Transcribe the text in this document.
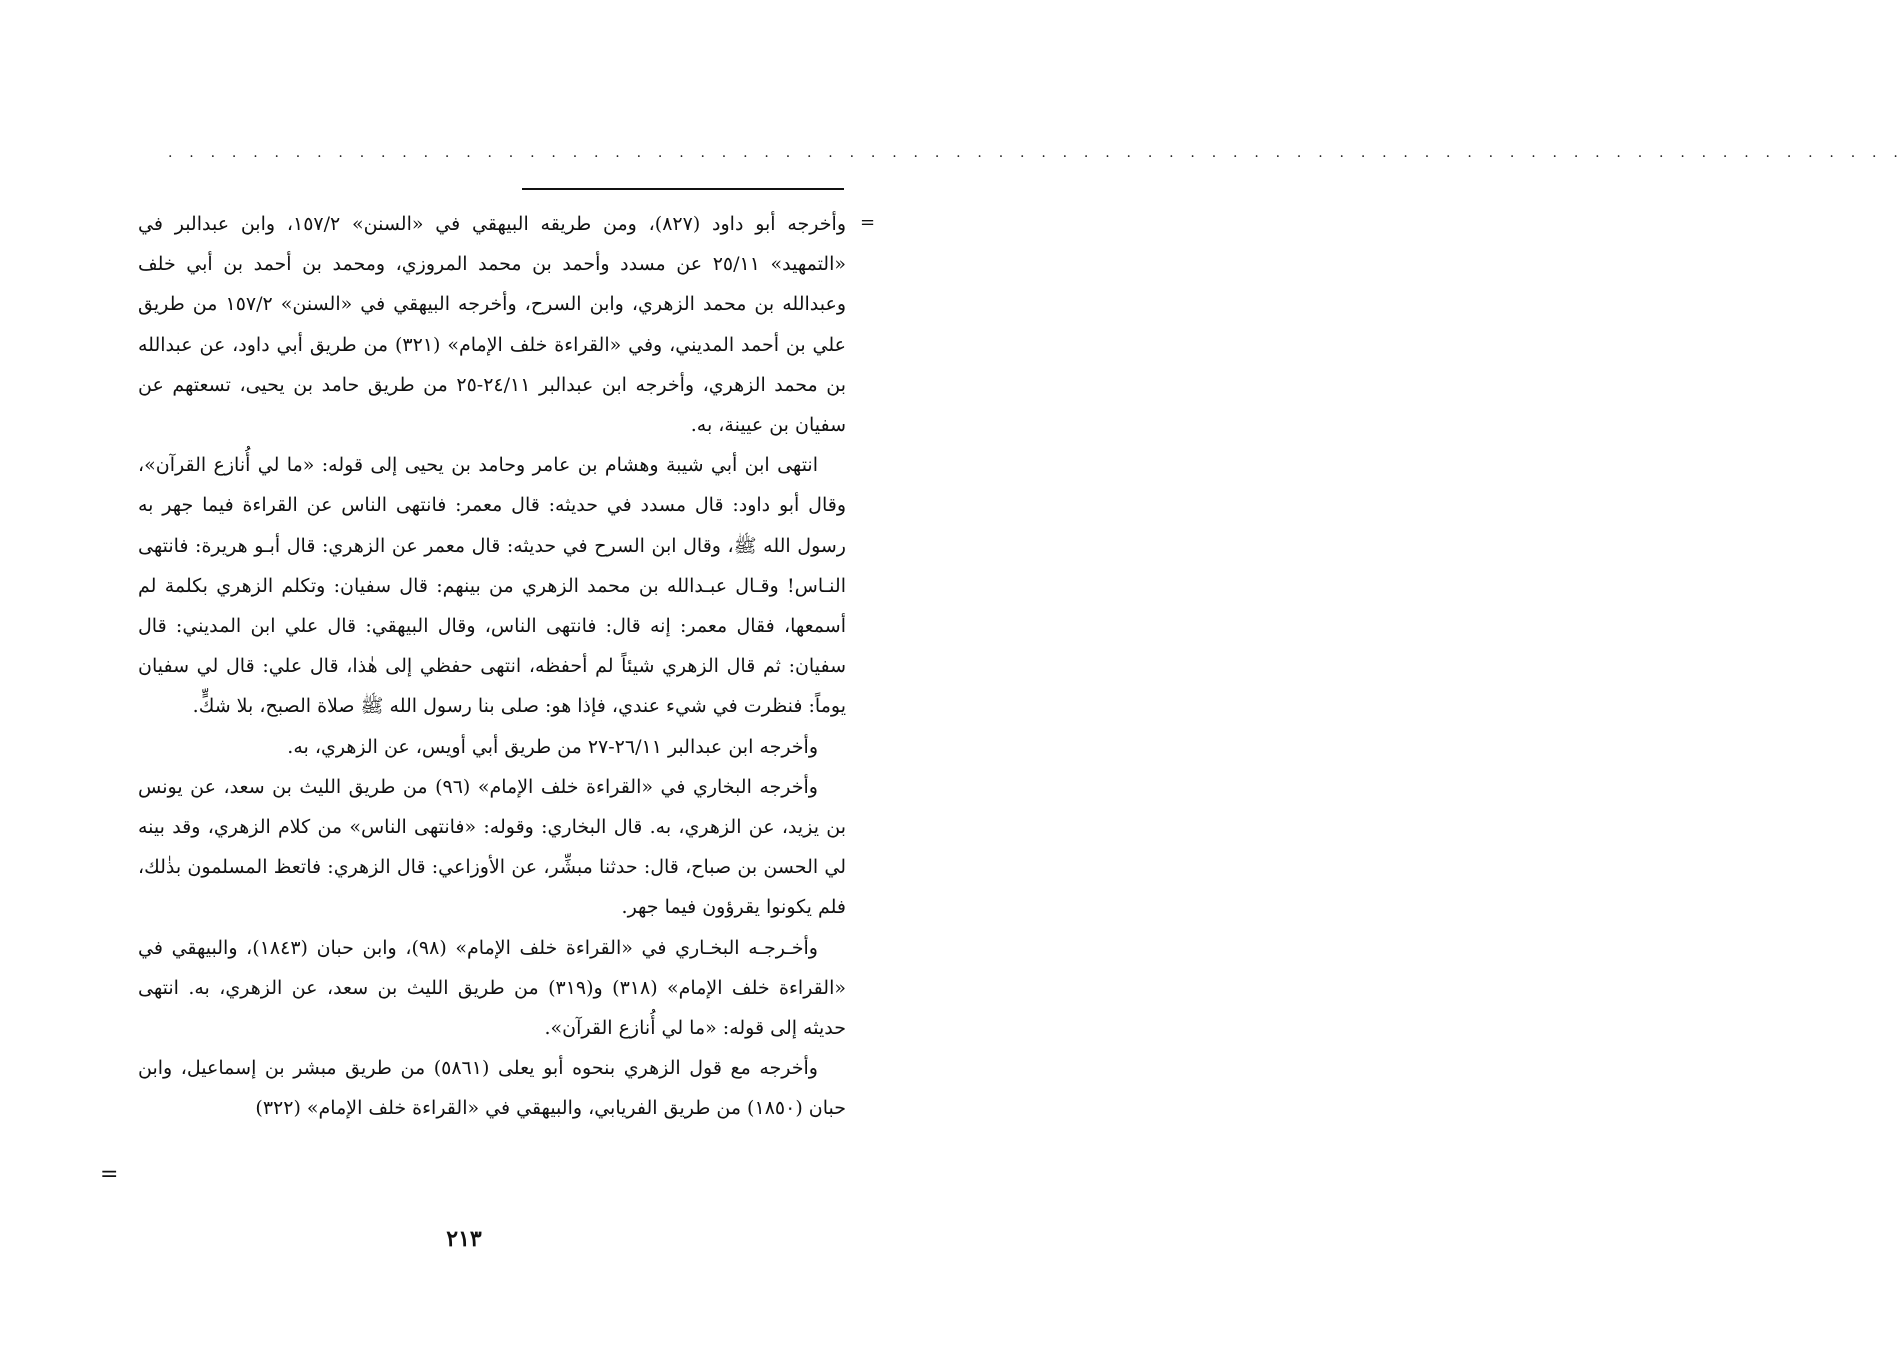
. . . . . . . . . . . . . . . . . . . . . . . . . . . . . . . . . . . . . . . . . . . . . . . . . . . . . . . . . . . . . . . . . . . . . . . . . . . . . . . . . .
=

وأخرجه أبو داود (٨٢٧)، ومن طريقه البيهقي في «السنن» ١٥٧/٢، وابن عبدالبر في «التمهيد» ٢٥/١١ عن مسدد وأحمد بن محمد المروزي، ومحمد بن أحمد بن أبي خلف وعبدالله بن محمد الزهري، وابن السرح، وأخرجه البيهقي في «السنن» ١٥٧/٢ من طريق علي بن أحمد المديني، وفي «القراءة خلف الإمام» (٣٢١) من طريق أبي داود، عن عبدالله بن محمد الزهري، وأخرجه ابن عبدالبر ٢٤/١١-٢٥ من طريق حامد بن يحيى، تسعتهم عن سفيان بن عيينة، به.

انتهى ابن أبي شيبة وهشام بن عامر وحامد بن يحيى إلى قوله: «ما لي أُنازع القرآن»، وقال أبو داود: قال مسدد في حديثه: قال معمر: فانتهى الناس عن القراءة فيما جهر به رسول الله ﷺ، وقال ابن السرح في حديثه: قال معمر عن الزهري: قال أبـو هريرة: فانتهى النـاس! وقـال عبـدالله بن محمد الزهري من بينهم: قال سفيان: وتكلم الزهري بكلمة لم أسمعها، فقال معمر: إنه قال: فانتهى الناس، وقال البيهقي: قال علي ابن المديني: قال سفيان: ثم قال الزهري شيئاً لم أحفظه، انتهى حفظي إلى هٰذا، قال علي: قال لي سفيان يوماً: فنظرت في شيء عندي، فإذا هو: صلى بنا رسول الله ﷺ صلاة الصبح، بلا شكٍّ.

وأخرجه ابن عبدالبر ٢٦/١١-٢٧ من طريق أبي أويس، عن الزهري، به.

وأخرجه البخاري في «القراءة خلف الإمام» (٩٦) من طريق الليث بن سعد، عن يونس بن يزيد، عن الزهري، به. قال البخاري: وقوله: «فانتهى الناس» من كلام الزهري، وقد بينه لي الحسن بن صباح، قال: حدثنا مبشِّر، عن الأوزاعي: قال الزهري: فاتعظ المسلمون بذٰلك، فلم يكونوا يقرؤون فيما جهر.

وأخـرجـه البخـاري في «القراءة خلف الإمام» (٩٨)، وابن حبان (١٨٤٣)، والبيهقي في «القراءة خلف الإمام» (٣١٨) و(٣١٩) من طريق الليث بن سعد، عن الزهري، به. انتهى حديثه إلى قوله: «ما لي أُنازع القرآن».

وأخرجه مع قول الزهري بنحوه أبو يعلى (٥٨٦١) من طريق مبشر بن إسماعيل، وابن حبان (١٨٥٠) من طريق الفريابي، والبيهقي في «القراءة خلف الإمام» (٣٢٢)

=
٢١٣
